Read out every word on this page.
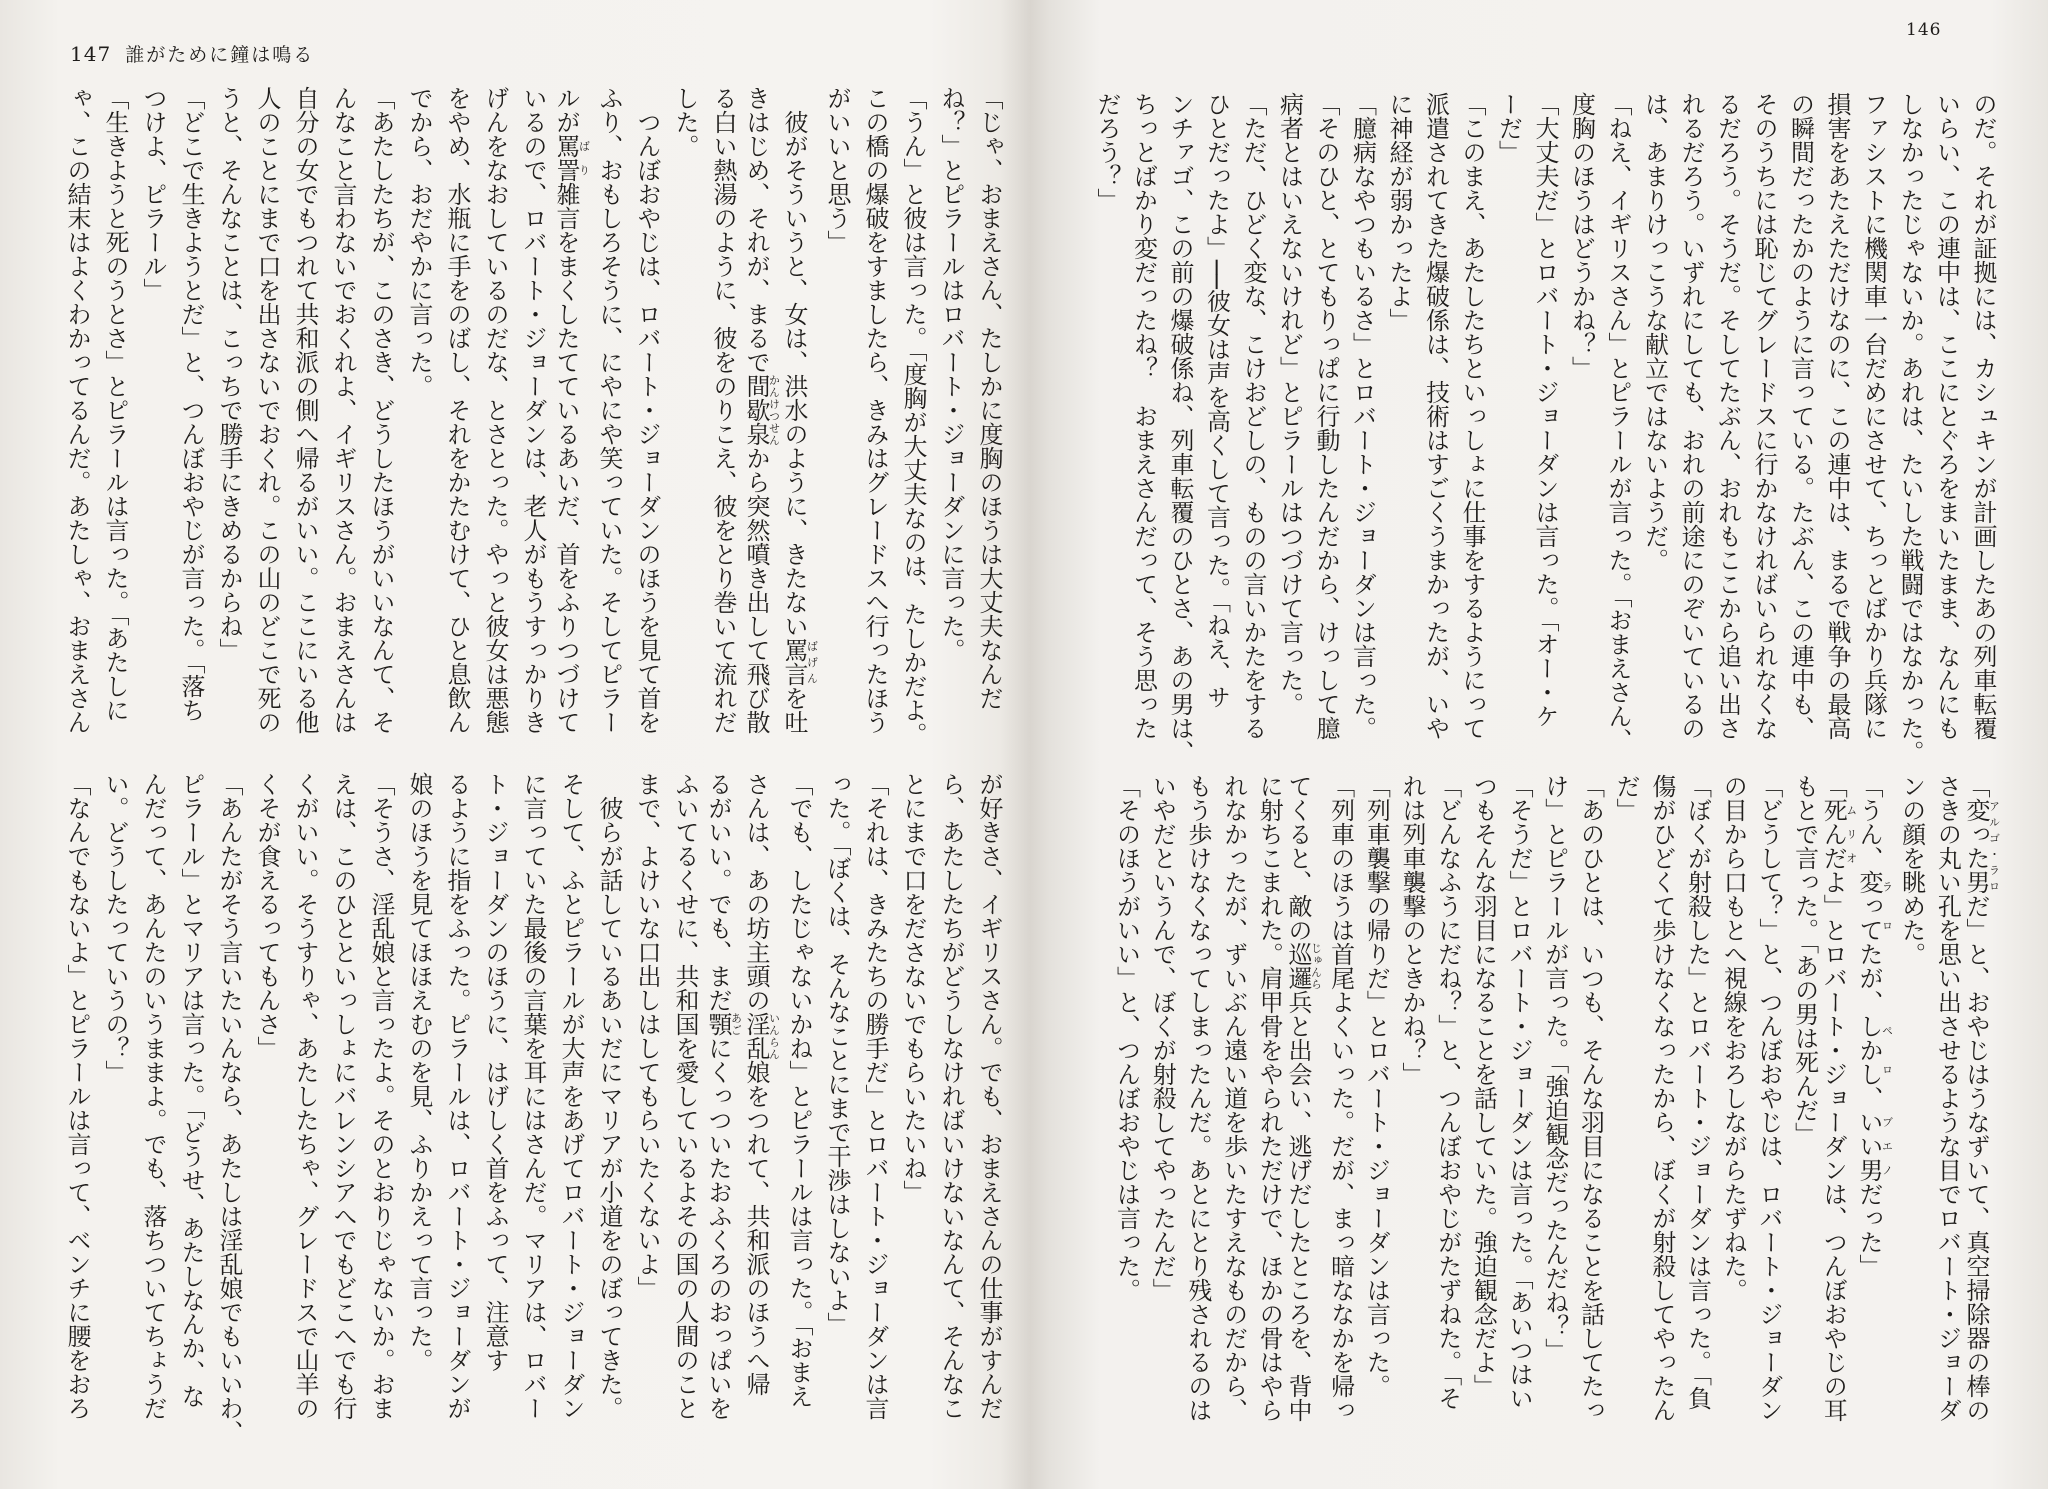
147 誰がために鐘は鳴る
「じゃ、おまえさん、たしかに度胸のほうは大丈夫なんだ
ね？」とピラールはロバート・ジョーダンに言った。
「うん」と彼は言った。「度胸が大丈夫なのは、たしかだよ。
この橋の爆破をすましたら、きみはグレードスへ行ったほう
がいいと思う」
　彼がそういうと、女は、洪水のように、きたない罵言ばげんを吐
きはじめ、それが、まるで間歇泉かんけつせんから突然噴き出して飛び散
る白い熱湯のように、彼をのりこえ、彼をとり巻いて流れだ
した。
　つんぼおやじは、ロバート・ジョーダンのほうを見て首を
ふり、おもしろそうに、にやにや笑っていた。そしてピラー
ルが罵詈ばり雑言をまくしたてているあいだ、首をふりつづけて
いるので、ロバート・ジョーダンは、老人がもうすっかりき
げんをなおしているのだな、とさとった。やっと彼女は悪態
をやめ、水瓶に手をのばし、それをかたむけて、ひと息飲ん
でから、おだやかに言った。
「あたしたちが、このさき、どうしたほうがいいなんて、そ
んなこと言わないでおくれよ、イギリスさん。おまえさんは
自分の女でもつれて共和派の側へ帰るがいい。ここにいる他
人のことにまで口を出さないでおくれ。この山のどこで死の
うと、そんなことは、こっちで勝手にきめるからね」
「どこで生きようとだ」と、つんぼおやじが言った。「落ち
つけよ、ピラール」
「生きようと死のうとさ」とピラールは言った。「あたしに
ゃ、この結末はよくわかってるんだ。あたしゃ、おまえさん
が好きさ、イギリスさん。でも、おまえさんの仕事がすんだ
ら、あたしたちがどうしなければいけないなんて、そんなこ
とにまで口をださないでもらいたいね」
「それは、きみたちの勝手だ」とロバート・ジョーダンは言
った。「ぼくは、そんなことにまで干渉はしないよ」
「でも、したじゃないかね」とピラールは言った。「おまえ
さんは、あの坊主頭の淫乱いんらん娘をつれて、共和派のほうへ帰
るがいい。でも、まだ顎あごにくっついたおふくろのおっぱいを
ふいてるくせに、共和国を愛しているよその国の人間のこと
まで、よけいな口出しはしてもらいたくないよ」
　彼らが話しているあいだにマリアが小道をのぼってきた。
そして、ふとピラールが大声をあげてロバート・ジョーダン
に言っていた最後の言葉を耳にはさんだ。マリアは、ロバー
ト・ジョーダンのほうに、はげしく首をふって、注意す
るように指をふった。ピラールは、ロバート・ジョーダンが
娘のほうを見てほほえむのを見、ふりかえって言った。
「そうさ、淫乱娘と言ったよ。そのとおりじゃないか。おま
えは、このひとといっしょにバレンシアへでもどこへでも行
くがいい。そうすりゃ、あたしたちゃ、グレードスで山羊の
くそが食えるってもんさ」
「あんたがそう言いたいんなら、あたしは淫乱娘でもいいわ、
ピラール」とマリアは言った。「どうせ、あたしなんか、な
んだって、あんたのいうままよ。でも、落ちついてちょうだ
い。どうしたっていうの？」
「なんでもないよ」とピラールは言って、ベンチに腰をおろ
146
のだ。それが証拠には、カシュキンが計画したあの列車転覆
いらい、この連中は、ここにとぐろをまいたまま、なんにも
しなかったじゃないか。あれは、たいした戦闘ではなかった。
ファシストに機関車一台だめにさせて、ちっとばかり兵隊に
損害をあたえただけなのに、この連中は、まるで戦争の最高
の瞬間だったかのように言っている。たぶん、この連中も、
そのうちには恥じてグレードスに行かなければいられなくな
るだろう。そうだ。そしてたぶん、おれもここから追い出さ
れるだろう。いずれにしても、おれの前途にのぞいているの
は、あまりけっこうな献立ではないようだ。
「ねえ、イギリスさん」とピラールが言った。「おまえさん、
度胸のほうはどうかね？」
「大丈夫だ」とロバート・ジョーダンは言った。「オー・ケ
ーだ」
「このまえ、あたしたちといっしょに仕事をするようにって
派遣されてきた爆破係は、技術はすごくうまかったが、いや
に神経が弱かったよ」
「臆病なやつもいるさ」とロバート・ジョーダンは言った。
「そのひと、とてもりっぱに行動したんだから、けっして臆
病者とはいえないけれど」とピラールはつづけて言った。
「ただ、ひどく変な、こけおどしの、ものの言いかたをする
ひとだったよ」──彼女は声を高くして言った。「ねえ、サ
ンチァゴ、この前の爆破係ね、列車転覆のひとさ、あの男は、
ちっとばかり変だったね？　おまえさんだって、そう思った
だろう？」
「変った男アルゴ・ラロだ」と、おやじはうなずいて、真空掃除器の棒の
さきの丸い孔を思い出させるような目でロバート・ジョーダ
ンの顔を眺めた。
「うん、変ってラロたが、しかしペロ、いい男ブエノだった」
「死んだムリオよ」とロバート・ジョーダンは、つんぼおやじの耳
もとで言った。「あの男は死んだ」
「どうして？」と、つんぼおやじは、ロバート・ジョーダン
の目から口もとへ視線をおろしながらたずねた。
「ぼくが射殺した」とロバート・ジョーダンは言った。「負
傷がひどくて歩けなくなったから、ぼくが射殺してやったん
だ」
「あのひとは、いつも、そんな羽目になることを話してたっ
け」とピラールが言った。「強迫観念だったんだね？」
「そうだ」とロバート・ジョーダンは言った。「あいつはい
つもそんな羽目になることを話していた。強迫観念だよ」
「どんなふうにだね？」と、つんぼおやじがたずねた。「そ
れは列車襲撃のときかね？」
「列車襲撃の帰りだ」とロバート・ジョーダンは言った。
「列車のほうは首尾よくいった。だが、まっ暗ななかを帰っ
てくると、敵の巡邏じゅんら兵と出会い、逃げだしたところを、背中
に射ちこまれた。肩甲骨をやられただけで、ほかの骨はやら
れなかったが、ずいぶん遠い道を歩いたすえなものだから、
もう歩けなくなってしまったんだ。あとにとり残されるのは
いやだというんで、ぼくが射殺してやったんだ」
「そのほうがいい」と、つんぼおやじは言った。
